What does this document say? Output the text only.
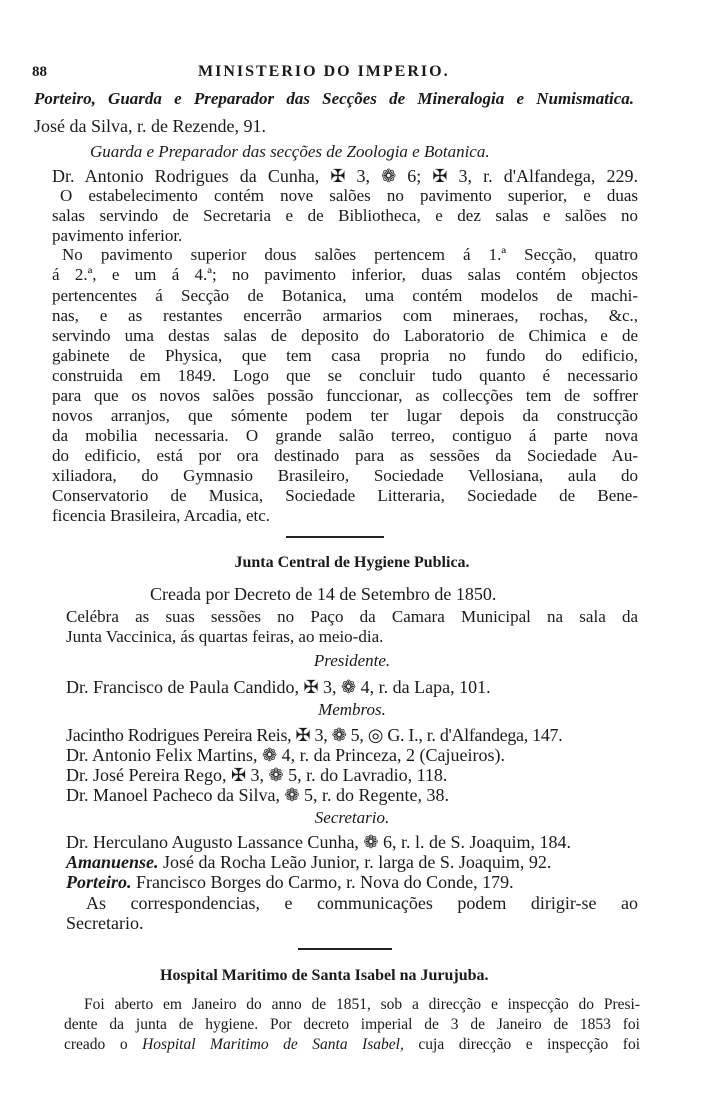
88	MINISTERIO DO IMPERIO.
Porteiro, Guarda e Preparador das Secções de Mineralogia e Numismatica.
José da Silva, r. de Rezende, 91.
Guarda e Preparador das secções de Zoologia e Botanica.
Dr. Antonio Rodrigues da Cunha, ✠ 3, ❁ 6; ✠ 3, r. d'Alfandega, 229.
O estabelecimento contém nove salões no pavimento superior, e duas
salas servindo de Secretaria e de Bibliotheca, e dez salas e salões no
pavimento inferior.
No pavimento superior dous salões pertencem á 1.ª Secção, quatro
á 2.ª, e um á 4.ª; no pavimento inferior, duas salas contém objectos
pertencentes á Secção de Botanica, uma contém modelos de machi-
nas, e as restantes encerrão armarios com mineraes, rochas, &c.,
servindo uma destas salas de deposito do Laboratorio de Chimica e de
gabinete de Physica, que tem casa propria no fundo do edificio,
construida em 1849. Logo que se concluir tudo quanto é necessario
para que os novos salões possão funccionar, as collecções tem de soffrer
novos arranjos, que sómente podem ter lugar depois da construcção
da mobilia necessaria. O grande salão terreo, contiguo á parte nova
do edificio, está por ora destinado para as sessões da Sociedade Au-
xiliadora, do Gymnasio Brasileiro, Sociedade Vellosiana, aula do
Conservatorio de Musica, Sociedade Litteraria, Sociedade de Bene-
ficencia Brasileira, Arcadia, etc.
Junta Central de Hygiene Publica.
Creada por Decreto de 14 de Setembro de 1850.
Celébra as suas sessões no Paço da Camara Municipal na sala da
Junta Vaccinica, ás quartas feiras, ao meio-dia.
Presidente.
Dr. Francisco de Paula Candido, ✠ 3, ❁ 4, r. da Lapa, 101.
Membros.
Jacintho Rodrigues Pereira Reis, ✠ 3, ❁ 5, ◎ G. I., r. d'Alfandega, 147.
Dr. Antonio Felix Martins, ❁ 4, r. da Princeza, 2 (Cajueiros).
Dr. José Pereira Rego, ✠ 3, ❁ 5, r. do Lavradio, 118.
Dr. Manoel Pacheco da Silva, ❁ 5, r. do Regente, 38.
Secretario.
Dr. Herculano Augusto Lassance Cunha, ❁ 6, r. l. de S. Joaquim, 184.
Amanuense. José da Rocha Leão Junior, r. larga de S. Joaquim, 92.
Porteiro. Francisco Borges do Carmo, r. Nova do Conde, 179.
As correspondencias, e communicações podem dirigir-se ao
Secretario.
Hospital Maritimo de Santa Isabel na Jurujuba.
Foi aberto em Janeiro do anno de 1851, sob a direcção e inspecção do Presi-
dente da junta de hygiene. Por decreto imperial de 3 de Janeiro de 1853 foi
creado o Hospital Maritimo de Santa Isabel, cuja direcção e inspecção foi
